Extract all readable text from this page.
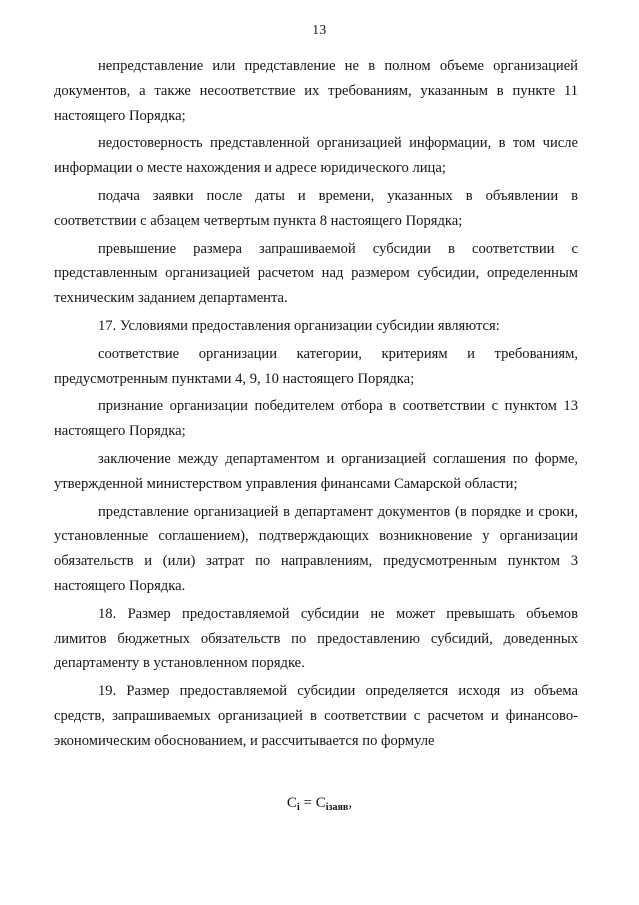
13

непредставление или представление не в полном объеме организацией документов, а также несоответствие их требованиям, указанным в пункте 11 настоящего Порядка;

недостоверность представленной организацией информации, в том числе информации о месте нахождения и адресе юридического лица;

подача заявки после даты и времени, указанных в объявлении в соответствии с абзацем четвертым пункта 8 настоящего Порядка;

превышение размера запрашиваемой субсидии в соответствии с представленным организацией расчетом над размером субсидии, определенным техническим заданием департамента.

17. Условиями предоставления организации субсидии являются:

соответствие организации категории, критериям и требованиям, предусмотренным пунктами 4, 9, 10 настоящего Порядка;

признание организации победителем отбора в соответствии с пунктом 13 настоящего Порядка;

заключение между департаментом и организацией соглашения по форме, утвержденной министерством управления финансами Самарской области;

представление организацией в департамент документов (в порядке и сроки, установленные соглашением), подтверждающих возникновение у организации обязательств и (или) затрат по направлениям, предусмотренным пунктом 3 настоящего Порядка.

18. Размер предоставляемой субсидии не может превышать объемов лимитов бюджетных обязательств по предоставлению субсидий, доведенных департаменту в установленном порядке.

19. Размер предоставляемой субсидии определяется исходя из объема средств, запрашиваемых организацией в соответствии с расчетом и финансово-экономическим обоснованием, и рассчитывается по формуле

$C_i = C_{iзаяв}$,
